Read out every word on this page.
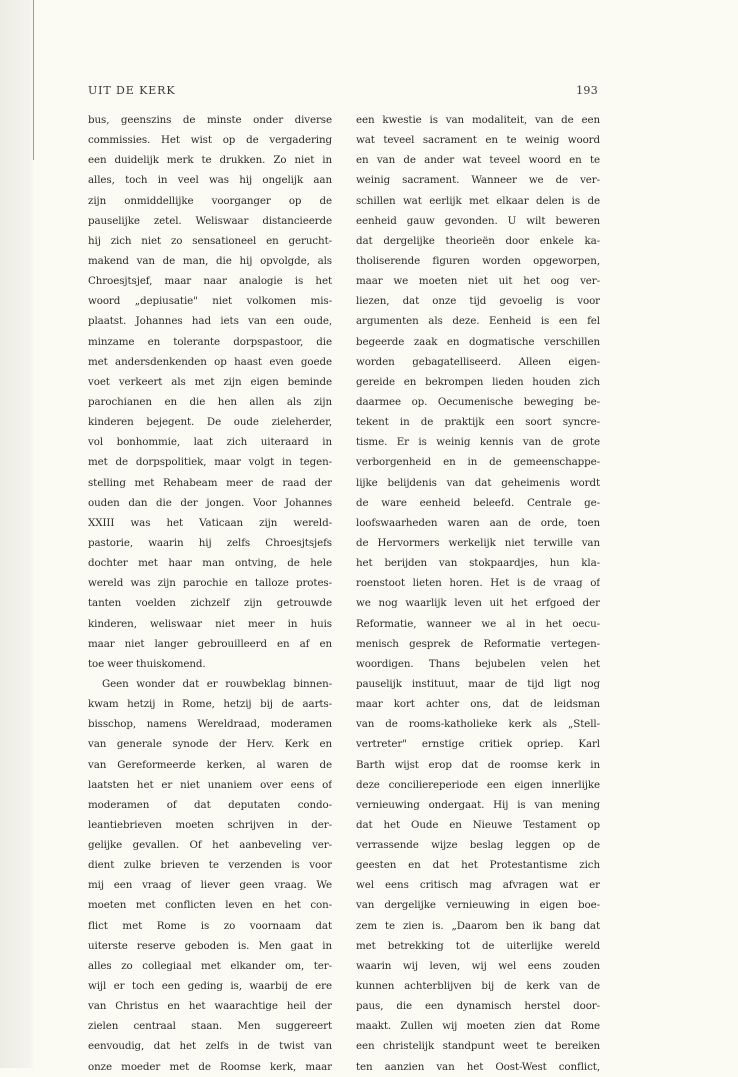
UIT DE KERK	193
bus, geenszins de minste onder diverse
commissies. Het wist op de vergadering
een duidelijk merk te drukken. Zo niet in
alles, toch in veel was hij ongelijk aan
zijn onmiddellijke voorganger op de
pauselijke zetel. Weliswaar distancieerde
hij zich niet zo sensationeel en gerucht-
makend van de man, die hij opvolgde, als
Chroesjtsjef, maar naar analogie is het
woord „depiusatie" niet volkomen mis-
plaatst. Johannes had iets van een oude,
minzame en tolerante dorpspastoor, die
met andersdenkenden op haast even goede
voet verkeert als met zijn eigen beminde
parochianen en die hen allen als zijn
kinderen bejegent. De oude zieleherder,
vol bonhommie, laat zich uiteraard in
met de dorpspolitiek, maar volgt in tegen-
stelling met Rehabeam meer de raad der
ouden dan die der jongen. Voor Johannes
XXIII was het Vaticaan zijn wereld-
pastorie, waarin hij zelfs Chroesjtsjefs
dochter met haar man ontving, de hele
wereld was zijn parochie en talloze protes-
tanten voelden zichzelf zijn getrouwde
kinderen, weliswaar niet meer in huis
maar niet langer gebrouilleerd en af en
toe weer thuiskomend.
Geen wonder dat er rouwbeklag binnen-
kwam hetzij in Rome, hetzij bij de aarts-
bisschop, namens Wereldraad, moderamen
van generale synode der Herv. Kerk en
van Gereformeerde kerken, al waren de
laatsten het er niet unaniem over eens of
moderamen of dat deputaten condo-
leantiebrieven moeten schrijven in der-
gelijke gevallen. Of het aanbeveling ver-
dient zulke brieven te verzenden is voor
mij een vraag of liever geen vraag. We
moeten met conflicten leven en het con-
flict met Rome is zo voornaam dat
uiterste reserve geboden is. Men gaat in
alles zo collegiaal met elkander om, ter-
wijl er toch een geding is, waarbij de ere
van Christus en het waarachtige heil der
zielen centraal staan. Men suggereert
eenvoudig, dat het zelfs in de twist van
onze moeder met de Roomse kerk, maar
een kwestie is van modaliteit, van de een
wat teveel sacrament en te weinig woord
en van de ander wat teveel woord en te
weinig sacrament. Wanneer we de ver-
schillen wat eerlijk met elkaar delen is de
eenheid gauw gevonden. U wilt beweren
dat dergelijke theorieën door enkele ka-
tholiserende figuren worden opgeworpen,
maar we moeten niet uit het oog ver-
liezen, dat onze tijd gevoelig is voor
argumenten als deze. Eenheid is een fel
begeerde zaak en dogmatische verschillen
worden gebagatelliseerd. Alleen eigen-
gereide en bekrompen lieden houden zich
daarmee op. Oecumenische beweging be-
tekent in de praktijk een soort syncre-
tisme. Er is weinig kennis van de grote
verborgenheid en in de gemeenschappe-
lijke belijdenis van dat geheimenis wordt
de ware eenheid beleefd. Centrale ge-
loofswaarheden waren aan de orde, toen
de Hervormers werkelijk niet terwille van
het berijden van stokpaardjes, hun kla-
roenstoot lieten horen. Het is de vraag of
we nog waarlijk leven uit het erfgoed der
Reformatie, wanneer we al in het oecu-
menisch gesprek de Reformatie vertegen-
woordigen. Thans bejubelen velen het
pauselijk instituut, maar de tijd ligt nog
maar kort achter ons, dat de leidsman
van de rooms-katholieke kerk als „Stell-
vertreter" ernstige critiek opriep. Karl
Barth wijst erop dat de roomse kerk in
deze conciliereperiode een eigen innerlijke
vernieuwing ondergaat. Hij is van mening
dat het Oude en Nieuwe Testament op
verrassende wijze beslag leggen op de
geesten en dat het Protestantisme zich
wel eens critisch mag afvragen wat er
van dergelijke vernieuwing in eigen boe-
zem te zien is. „Daarom ben ik bang dat
met betrekking tot de uiterlijke wereld
waarin wij leven, wij wel eens zouden
kunnen achterblijven bij de kerk van de
paus, die een dynamisch herstel door-
maakt. Zullen wij moeten zien dat Rome
een christelijk standpunt weet te bereiken
ten aanzien van het Oost-West conflict,
